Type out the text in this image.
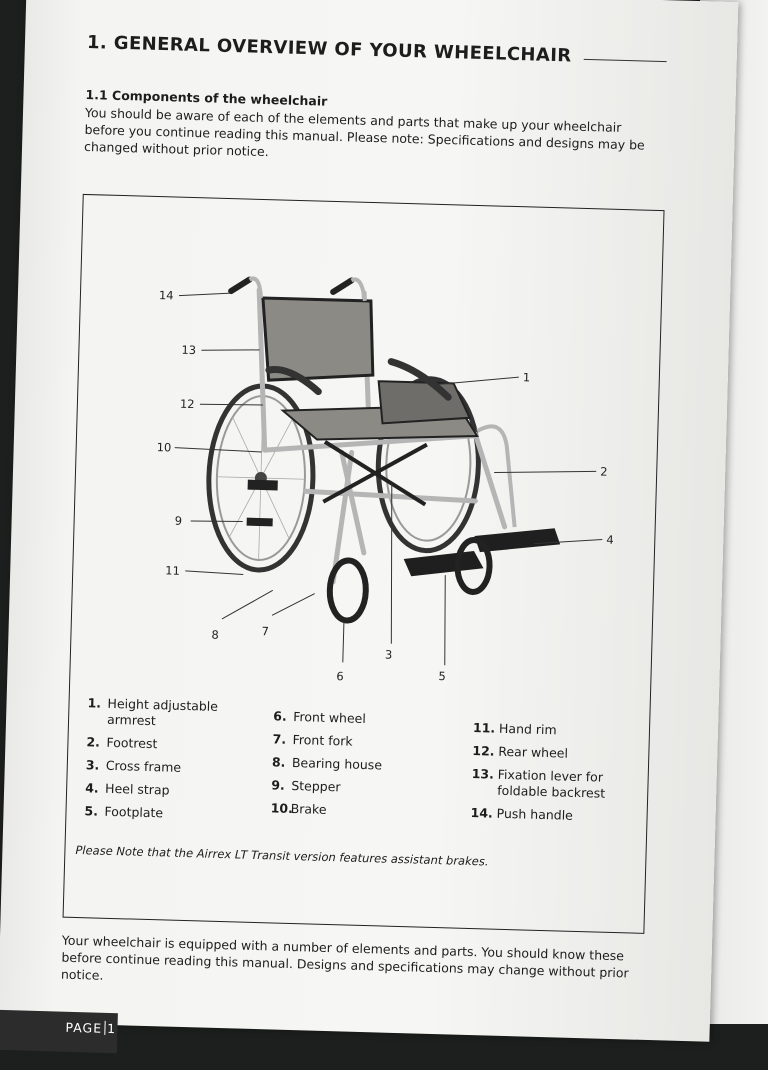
1. GENERAL OVERVIEW OF YOUR WHEELCHAIR
1.1 Components of the wheelchair

You should be aware of each of the elements and parts that make up your wheelchair before you continue reading this manual. Please note: Specifications and designs may be changed without prior notice.

14
13
12
10
9
11
8	7
6
3
5
1
2
4
1. Height adjustable armrest
2. Footrest
3. Cross frame
4. Heel strap
5. Footplate
6. Front wheel
7. Front fork
8. Bearing house
9. Stepper
10.
Brake
11. Hand rim
12. Rear wheel
13. Fixation lever for foldable backrest
14. Push handle
Please Note that the Airrex LT Transit version features assistant brakes.

Your wheelchair is equipped with a number of elements and parts. You should know these before continue reading this manual. Designs and specifications may change without prior notice.

PAGE 1
